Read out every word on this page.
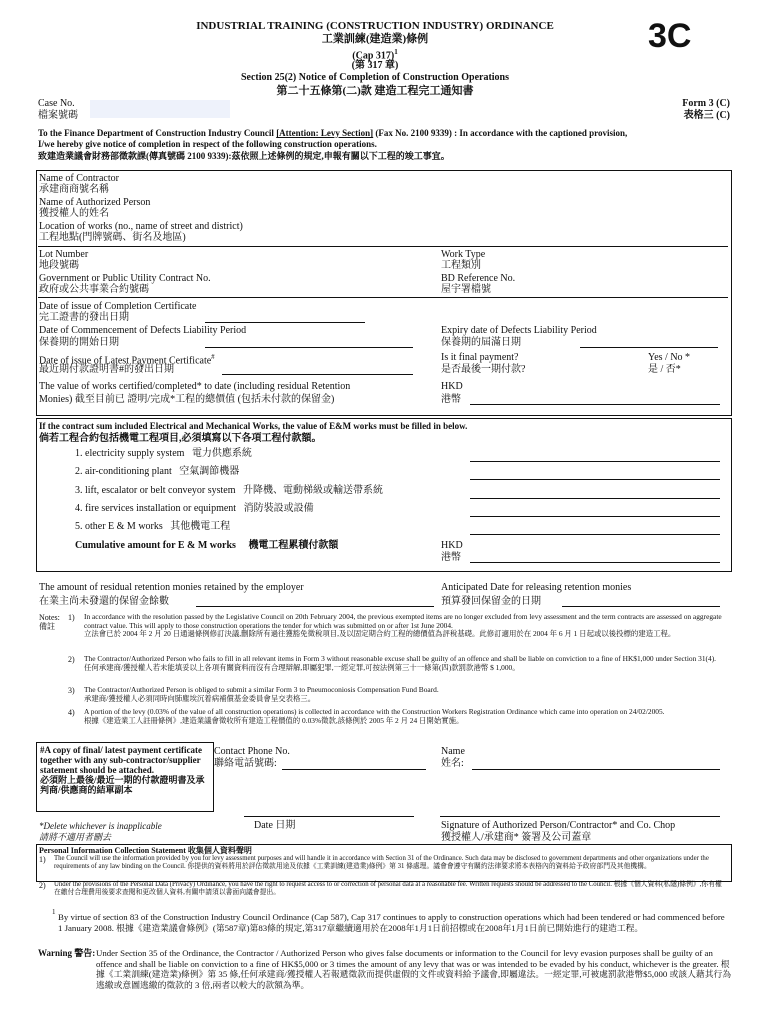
INDUSTRIAL TRAINING (CONSTRUCTION INDUSTRY) ORDINANCE
工業訓練(建造業)條例
(Cap 317)$^1$
(第 317 章)
Section 25(2) Notice of Completion of Construction Operations
第二十五條第(二)款 建造工程完工通知書
3C
Case No.
檔案號碼
Form 3 (C)
表格三 (C)
To the Finance Department of Construction Industry Council [Attention: Levy Section] (Fax No. 2100 9339) : In accordance with the captioned provision,
I/we hereby give notice of completion in respect of the following construction operations.
致建造業議會財務部徵款課(傳真號碼 2100 9339):茲依照上述條例的規定,申報有關以下工程的竣工事宜。
Name of Contractor
承建商商號名稱
Name of Authorized Person
獲授權人的姓名
Location of works (no., name of street and district)
工程地點(門牌號碼、街名及地區)
Lot Number
地段號碼
Work Type
工程類別
Government or Public Utility Contract No.
政府或公共事業合約號碼
BD Reference No.
屋宇署檔號
Date of issue of Completion Certificate
完工證書的發出日期
Date of Commencement of Defects Liability Period
保養期的開始日期
Expiry date of Defects Liability Period
保養期的屆滿日期
Date of issue of Latest Payment Certificate#
最近期付款證明書#的發出日期
Is it final payment?
是否最後一期付款?
Yes / No *
是 / 否*
The value of works certified/completed* to date (including residual Retention
Monies) 截至目前已 證明/完成*工程的總價值 (包括未付款的保留金)
HKD
港幣
If the contract sum included Electrical and Mechanical Works, the value of E&M works must be filled in below.
倘若工程合約包括機電工程項目,必須填寫以下各項工程付款額。
1. electricity supply system 電力供應系統
2. air-conditioning plant 空氣調節機器
3. lift, escalator or belt conveyor system 升降機、電動梯級或輸送帶系統
4. fire services installation or equipment 消防裝設或設備
5. other E & M works 其他機電工程
Cumulative amount for E & M works 機電工程累積付款額	HKD
港幣
The amount of residual retention monies retained by the employer
在業主尚未發還的保留金餘數
Anticipated Date for releasing retention monies
預算發回保留金的日期
Notes:
備註
1) In accordance with the resolution passed by the Legislative Council on 20th February 2004, the previous exempted items are no longer excluded from levy assessment and the term contracts are assessed on aggregate contract value. This will apply to those construction operations the tender for which was submitted on or after 1st June 2004.
立法會已於 2004 年 2 月 20 日通過條例修訂決議,刪除所有過往獲豁免徵稅項目,及以固定期合約工程的總價值為評稅基礎。此修訂適用於在 2004 年 6 月 1 日起或以後投標的建造工程。
2) The Contractor/Authorized Person who fails to fill in all relevant items in Form 3 without reasonable excuse shall be guilty of an offence and shall be liable on conviction to a fine of HK$1,000 under Section 31(4).
任何承建商/獲授權人若未能填妥以上各項有關資料而沒有合理辯解,即屬犯罪,一經定罪,可按法例第三十一條第(四)款罰款港幣 $ 1,000。
3) The Contractor/Authorized Person is obliged to submit a similar Form 3 to Pneumoconiosis Compensation Fund Board.
承建商/獲授權人必須同時向肺塵埃沉着病補償基金委員會呈交表格三。
4) A portion of the levy (0.03% of the value of all construction operations) is collected in accordance with the Construction Workers Registration Ordinance which came into operation on 24/02/2005.
根據《建造業工人註冊條例》,建造業議會徵收所有建造工程價值的 0.03%徵款,該條例於 2005 年 2 月 24 日開始實施。
#A copy of final/ latest payment certificate together with any sub-contractor/supplier statement should be attached.
必須附上最後/最近一期的付款證明書及承判商/供應商的結單副本
Contact Phone No.
聯絡電話號碼:
Name
姓名:
*Delete whichever is inapplicable
請將不適用者刪去
Date 日期	Signature of Authorized Person/Contractor* and Co. Chop
獲授權人/承建商* 簽署及公司蓋章
Personal Information Collection Statement 收集個人資料聲明
1) The Council will use the information provided by you for levy assessment purposes and will handle it in accordance with Section 31 of the Ordinance. Such data may be disclosed to government departments and other organizations under the requirements of any law binding on the Council. 你提供的資料將用於評估徵款用途及依據《工業訓練(建造業)條例》第 31 條處理。議會會遵守有關約法律要求將本表格內的資料給予政府部門及其他機構。
2) Under the provisions of the Personal Data (Privacy) Ordinance, you have the right to request access to or correction of personal data at a reasonable fee. Written requests should be addressed to the Council. 根據《個人資料(私隱)條例》,你有權在繳付合理費用後要求查閱和更改個人資料,有關申請須以書面向議會提出。
1 By virtue of section 83 of the Construction Industry Council Ordinance (Cap 587), Cap 317 continues to apply to construction operations which had been tendered or had commenced before 1 January 2008. 根據《建造業議會條例》(第587章)第83條的規定,第317章繼續適用於在2008年1月1日前招標或在2008年1月1日前已開始進行的建造工程。
Warning 警告: Under Section 35 of the Ordinance, the Contractor / Authorized Person who gives false documents or information to the Council for levy evasion purposes shall be guilty of an offence and shall be liable on conviction to a fine of HK$5,000 or 3 times the amount of any levy that was or was intended to be evaded by his conduct, whichever is the greater. 根據《工業訓練(建造業)條例》第 35 條,任何承建商/獲授權人若報遞徵款而提供虛假的文件或資料給予議會,即屬違法。一經定罪,可被處罰款港幣$5,000 或該人藉其行為逃繳或意圖逃繳的徵款的 3 倍,兩者以較大的款額為準。
